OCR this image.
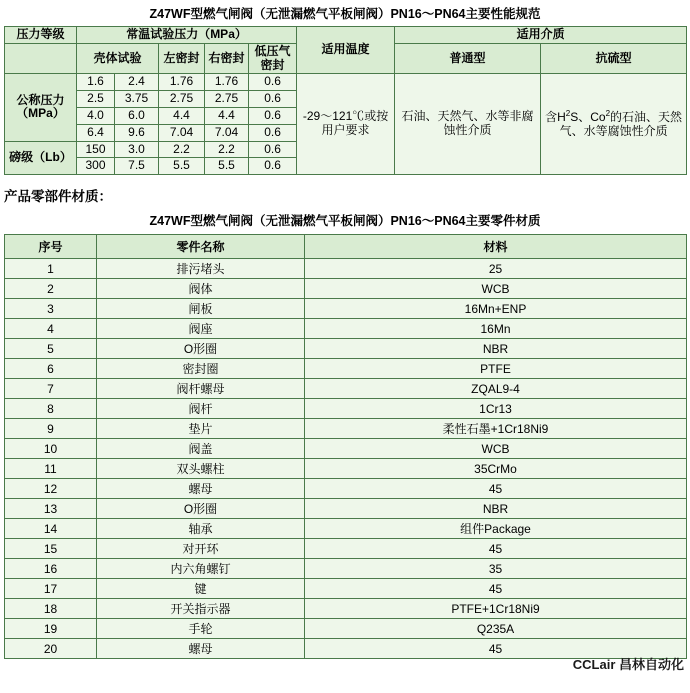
Z47WF型燃气闸阀（无泄漏燃气平板闸阀）PN16～PN64主要性能规范
压力等级	常温试验压力（MPa）					适用温度	适用介质	
	壳体试验		左密封	右密封	低压气密封		普通型	抗硫型

公称压力（MPa）	1.6	2.4	1.76	1.76	0.6	-29～121℃或按用户要求	石油、天然气、水等非腐蚀性介质	含$H^2S$、Co$^2$的石油、天然气、水等腐蚀性介质
	2.5	3.75	2.75	2.75	0.6			
	4.0	6.0	4.4	4.4	0.6			
	6.4	9.6	7.04	7.04	0.6			
磅级（Lb）	150	3.0	2.2	2.2	0.6			
	300	7.5	5.5	5.5	0.6			
产品零部件材质：
Z47WF型燃气闸阀（无泄漏燃气平板闸阀）PN16～PN64主要零件材质
序号	零件名称	材料
1	排污堵头	25
2	阀体	WCB
3	闸板	16Mn+ENP
4	阀座	16Mn
5	O形圈	NBR
6	密封圈	PTFE
7	阀杆螺母	ZQAL9-4
8	阀杆	1Cr13
9	垫片	柔性石墨+1Cr18Ni9
10	阀盖	WCB
11	双头螺柱	35CrMo
12	螺母	45
13	O形圈	NBR
14	轴承	组件Package
15	对开环	45
16	内六角螺钉	35
17	键	45
18	开关指示器	PTFE+1Cr18Ni9
19	手轮	Q235A
20	螺母	45
CCLair 昌林自动化
